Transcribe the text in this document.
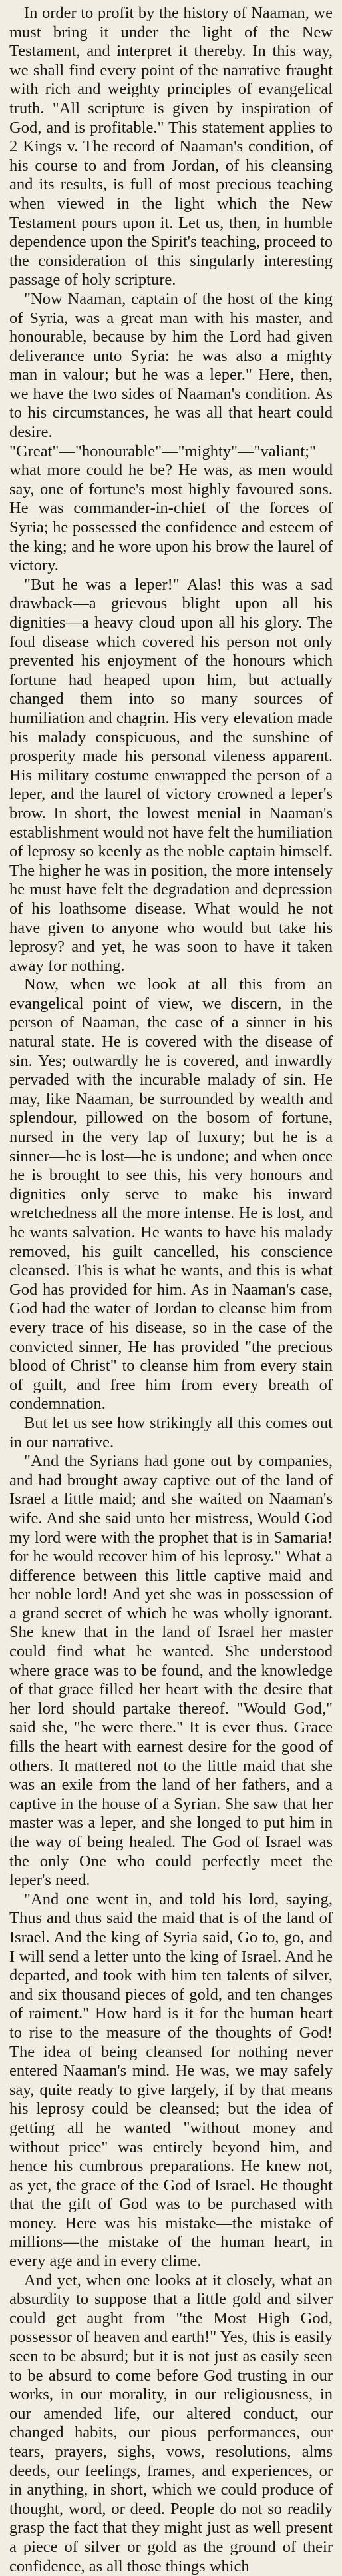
In order to profit by the history of Naaman, we must bring it under the light of the New Testament, and interpret it thereby. In this way, we shall find every point of the narrative fraught with rich and weighty principles of evangelical truth. "All scripture is given by inspiration of God, and is profitable." This statement applies to 2 Kings v. The record of Naaman's condition, of his course to and from Jordan, of his cleansing and its results, is full of most precious teaching when viewed in the light which the New Testament pours upon it. Let us, then, in humble dependence upon the Spirit's teaching, proceed to the consideration of this singularly interesting passage of holy scripture.

"Now Naaman, captain of the host of the king of Syria, was a great man with his master, and honourable, because by him the Lord had given deliverance unto Syria: he was also a mighty man in valour; but he was a leper." Here, then, we have the two sides of Naaman's condition. As to his circumstances, he was all that heart could desire. "Great"—"honourable"—"mighty"—"valiant;" what more could he be? He was, as men would say, one of fortune's most highly favoured sons. He was commander-in-chief of the forces of Syria; he possessed the confidence and esteem of the king; and he wore upon his brow the laurel of victory.

"But he was a leper!" Alas! this was a sad drawback—a grievous blight upon all his dignities—a heavy cloud upon all his glory. The foul disease which covered his person not only prevented his enjoyment of the honours which fortune had heaped upon him, but actually changed them into so many sources of humiliation and chagrin. His very elevation made his malady conspicuous, and the sunshine of prosperity made his personal vileness apparent. His military costume enwrapped the person of a leper, and the laurel of victory crowned a leper's brow. In short, the lowest menial in Naaman's establishment would not have felt the humiliation of leprosy so keenly as the noble captain himself. The higher he was in position, the more intensely he must have felt the degradation and depression of his loathsome disease. What would he not have given to anyone who would but take his leprosy? and yet, he was soon to have it taken away for nothing.

Now, when we look at all this from an evangelical point of view, we discern, in the person of Naaman, the case of a sinner in his natural state. He is covered with the disease of sin. Yes; outwardly he is covered, and inwardly pervaded with the incurable malady of sin. He may, like Naaman, be surrounded by wealth and splendour, pillowed on the bosom of fortune, nursed in the very lap of luxury; but he is a sinner—he is lost—he is undone; and when once he is brought to see this, his very honours and dignities only serve to make his inward wretchedness all the more intense. He is lost, and he wants salvation. He wants to have his malady removed, his guilt cancelled, his conscience cleansed. This is what he wants, and this is what God has provided for him. As in Naaman's case, God had the water of Jordan to cleanse him from every trace of his disease, so in the case of the convicted sinner, He has provided "the precious blood of Christ" to cleanse him from every stain of guilt, and free him from every breath of condemnation.

But let us see how strikingly all this comes out in our narrative.

"And the Syrians had gone out by companies, and had brought away captive out of the land of Israel a little maid; and she waited on Naaman's wife. And she said unto her mistress, Would God my lord were with the prophet that is in Samaria! for he would recover him of his leprosy." What a difference between this little captive maid and her noble lord! And yet she was in possession of a grand secret of which he was wholly ignorant. She knew that in the land of Israel her master could find what he wanted. She understood where grace was to be found, and the knowledge of that grace filled her heart with the desire that her lord should partake thereof. "Would God," said she, "he were there." It is ever thus. Grace fills the heart with earnest desire for the good of others. It mattered not to the little maid that she was an exile from the land of her fathers, and a captive in the house of a Syrian. She saw that her master was a leper, and she longed to put him in the way of being healed. The God of Israel was the only One who could perfectly meet the leper's need.

"And one went in, and told his lord, saying, Thus and thus said the maid that is of the land of Israel. And the king of Syria said, Go to, go, and I will send a letter unto the king of Israel. And he departed, and took with him ten talents of silver, and six thousand pieces of gold, and ten changes of raiment." How hard is it for the human heart to rise to the measure of the thoughts of God! The idea of being cleansed for nothing never entered Naaman's mind. He was, we may safely say, quite ready to give largely, if by that means his leprosy could be cleansed; but the idea of getting all he wanted "without money and without price" was entirely beyond him, and hence his cumbrous preparations. He knew not, as yet, the grace of the God of Israel. He thought that the gift of God was to be purchased with money. Here was his mistake—the mistake of millions—the mistake of the human heart, in every age and in every clime.

And yet, when one looks at it closely, what an absurdity to suppose that a little gold and silver could get aught from "the Most High God, possessor of heaven and earth!" Yes, this is easily seen to be absurd; but it is not just as easily seen to be absurd to come before God trusting in our works, in our morality, in our religiousness, in our amended life, our altered conduct, our changed habits, our pious performances, our tears, prayers, sighs, vows, resolutions, alms deeds, our feelings, frames, and experiences, or in anything, in short, which we could produce of thought, word, or deed. People do not so readily grasp the fact that they might just as well present a piece of silver or gold as the ground of their confidence, as all those things which
